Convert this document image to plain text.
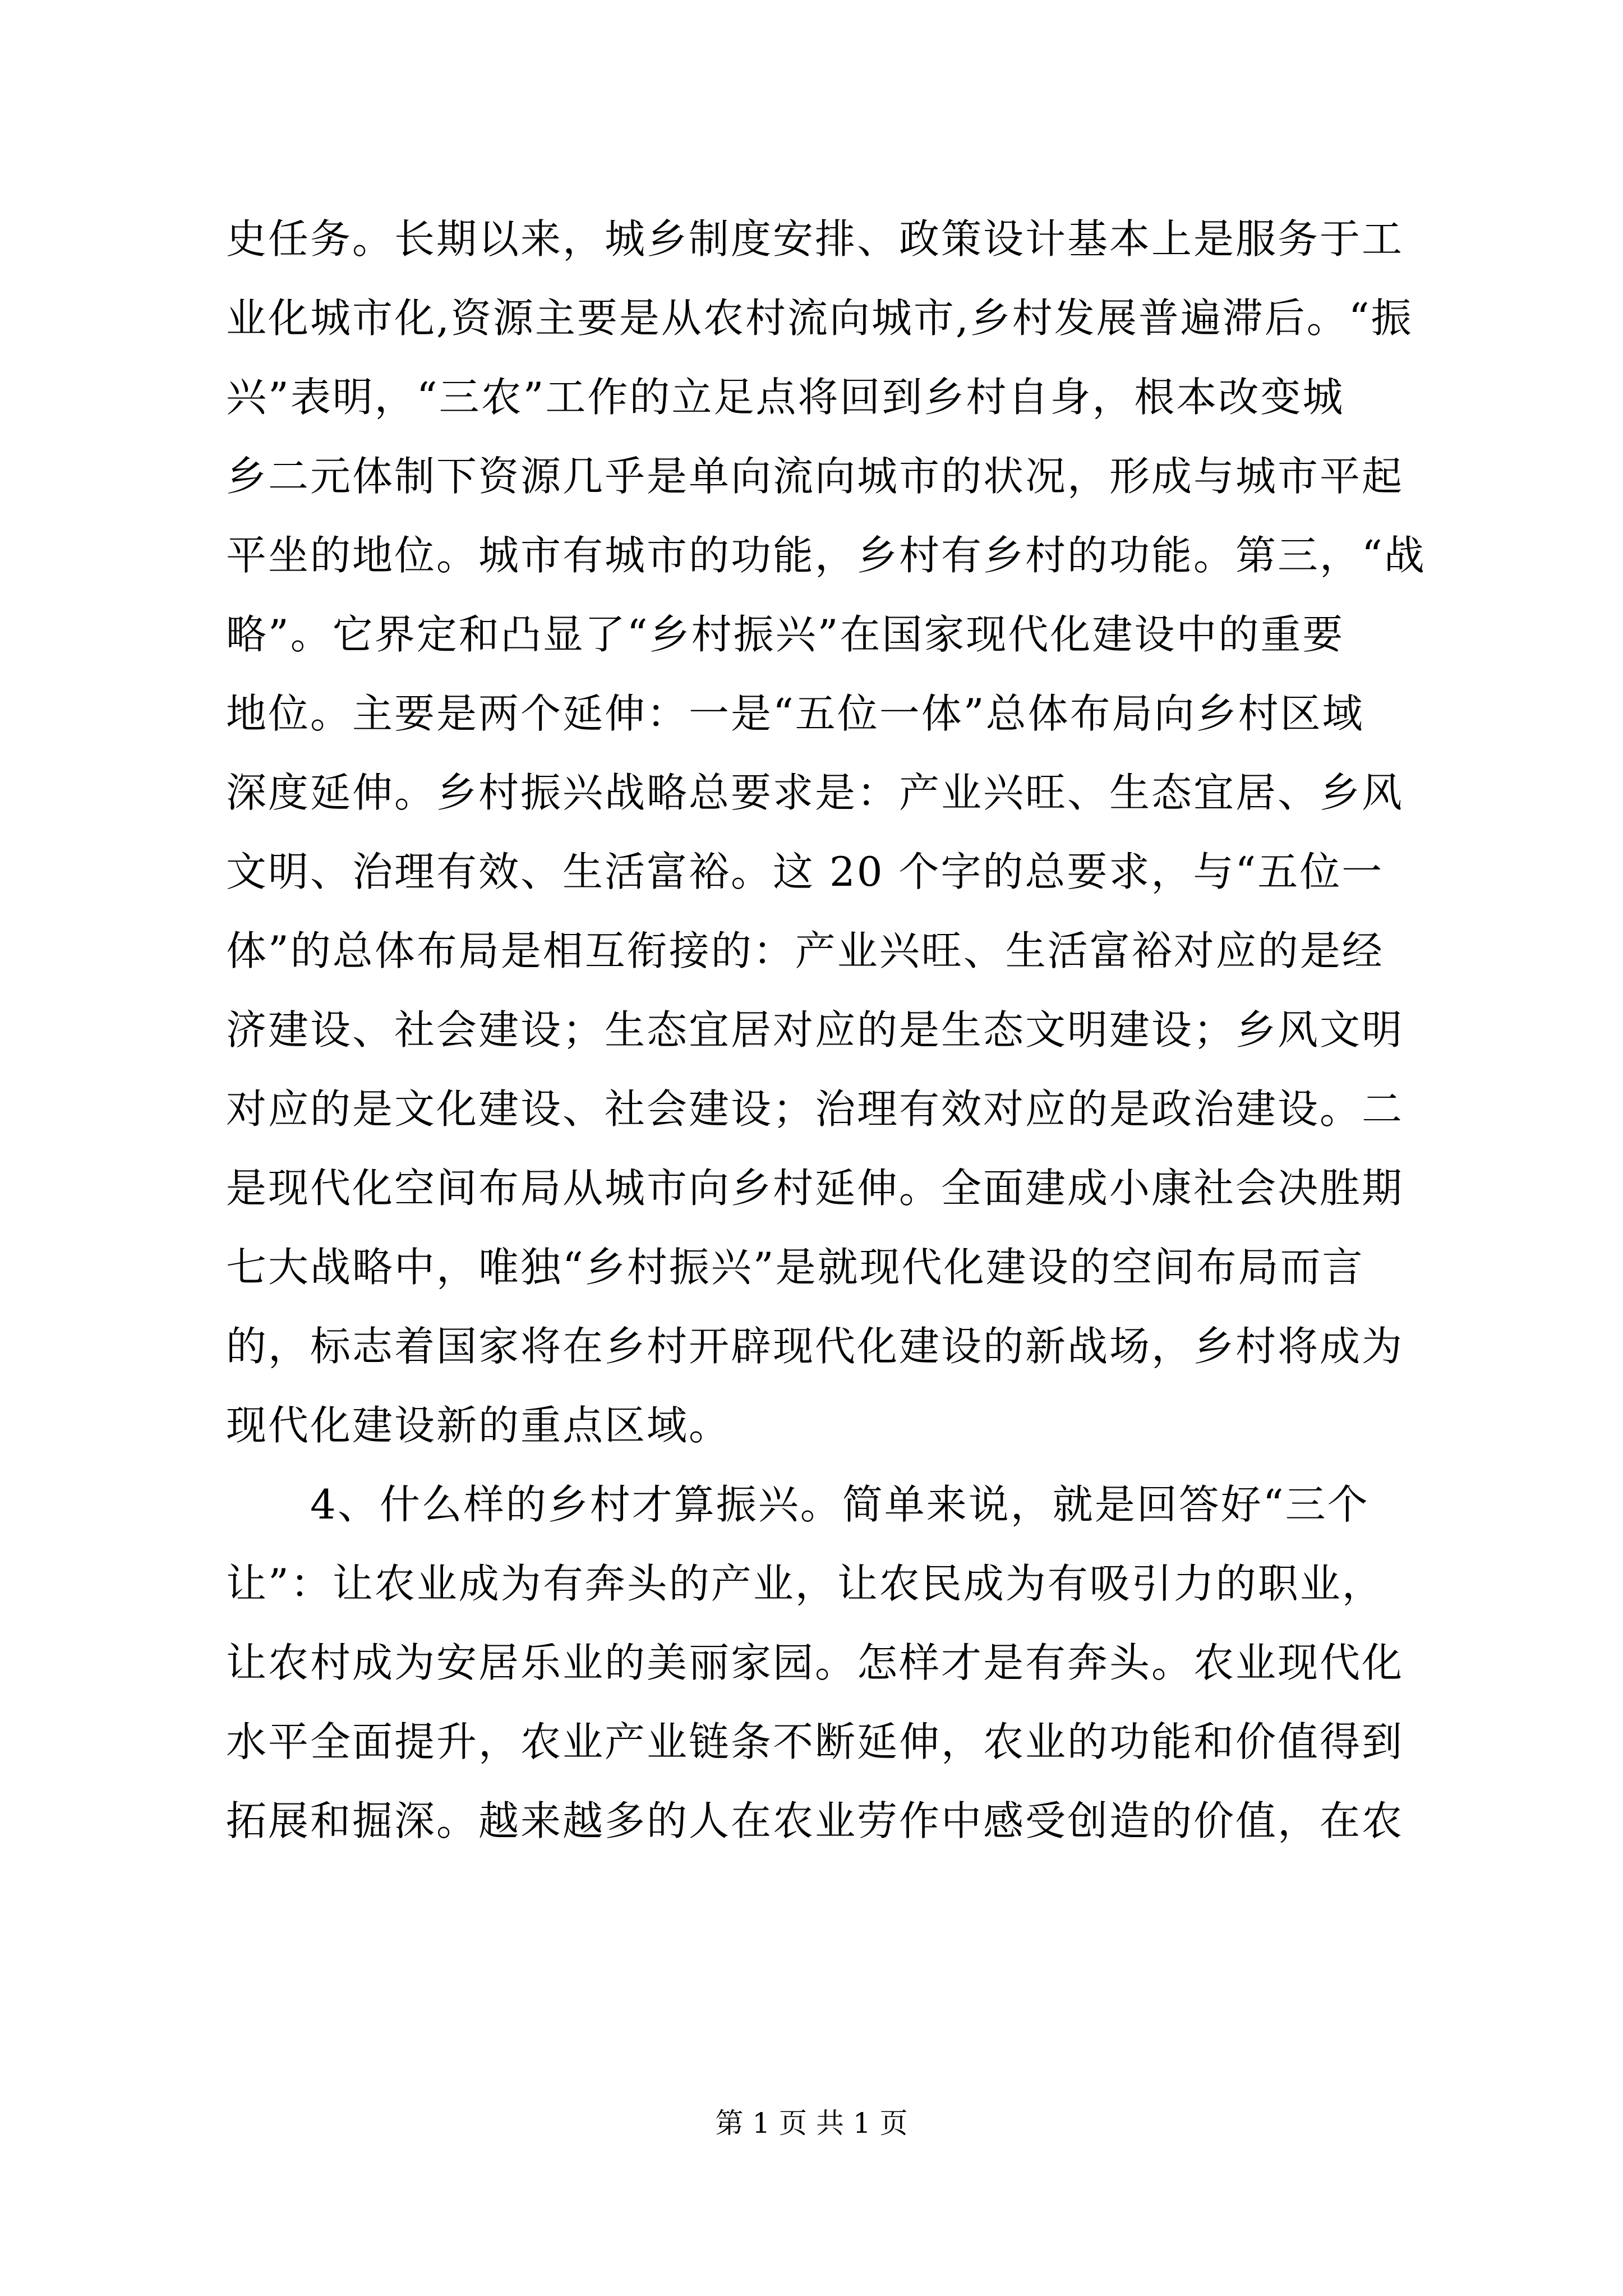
史任务。长期以来，城乡制度安排、政策设计基本上是服务于工
业化城市化,资源主要是从农村流向城市,乡村发展普遍滞后。“振
兴”表明，“三农”工作的立足点将回到乡村自身，根本改变城
乡二元体制下资源几乎是单向流向城市的状况，形成与城市平起
平坐的地位。城市有城市的功能，乡村有乡村的功能。第三，“战
略”。它界定和凸显了“乡村振兴”在国家现代化建设中的重要
地位。主要是两个延伸：一是“五位一体”总体布局向乡村区域
深度延伸。乡村振兴战略总要求是：产业兴旺、生态宜居、乡风
文明、治理有效、生活富裕。这 20 个字的总要求，与“五位一
体”的总体布局是相互衔接的：产业兴旺、生活富裕对应的是经
济建设、社会建设；生态宜居对应的是生态文明建设；乡风文明
对应的是文化建设、社会建设；治理有效对应的是政治建设。二
是现代化空间布局从城市向乡村延伸。全面建成小康社会决胜期
七大战略中，唯独“乡村振兴”是就现代化建设的空间布局而言
的，标志着国家将在乡村开辟现代化建设的新战场，乡村将成为
现代化建设新的重点区域。
　　4、什么样的乡村才算振兴。简单来说，就是回答好“三个
让”：让农业成为有奔头的产业，让农民成为有吸引力的职业，
让农村成为安居乐业的美丽家园。怎样才是有奔头。农业现代化
水平全面提升，农业产业链条不断延伸，农业的功能和价值得到
拓展和掘深。越来越多的人在农业劳作中感受创造的价值，在农
第 1 页 共 1 页
